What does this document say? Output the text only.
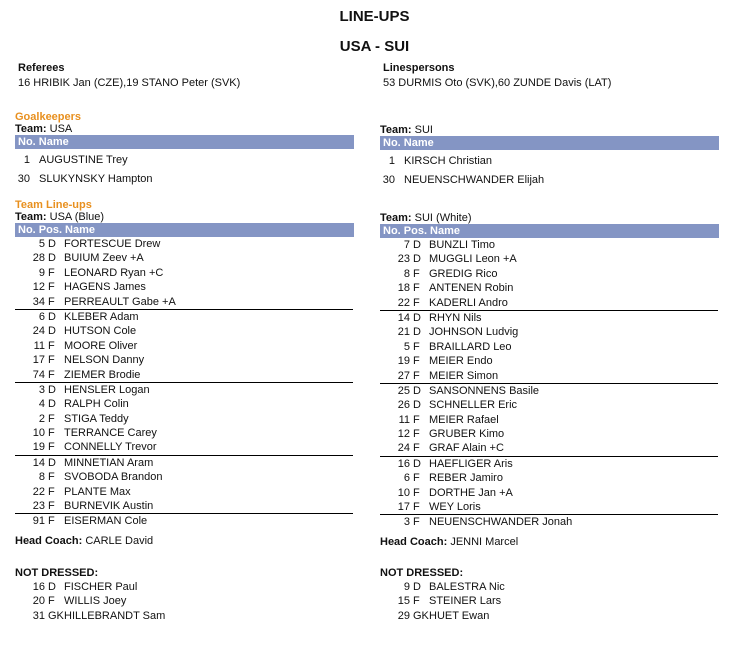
LINE-UPS
USA - SUI
Referees
16 HRIBIK Jan (CZE),19 STANO Peter (SVK)
Linespersons
53 DURMIS Oto (SVK),60 ZUNDE Davis (LAT)
Goalkeepers
Team: USA
No. Name
1 AUGUSTINE Trey
30 SLUKYNSKY Hampton
Team: SUI
No. Name
1 KIRSCH Christian
30 NEUENSCHWANDER Elijah
Team Line-ups
Team: USA (Blue)
No. Pos. Name
5 D FORTESCUE Drew
28 D BUIUM Zeev +A
9 F LEONARD Ryan +C
12 F HAGENS James
34 F PERREAULT Gabe +A
6 D KLEBER Adam
24 D HUTSON Cole
11 F MOORE Oliver
17 F NELSON Danny
74 F ZIEMER Brodie
3 D HENSLER Logan
4 D RALPH Colin
2 F STIGA Teddy
10 F TERRANCE Carey
19 F CONNELLY Trevor
14 D MINNETIAN Aram
8 F SVOBODA Brandon
22 F PLANTE Max
23 F BURNEVIK Austin
91 F EISERMAN Cole
Head Coach: CARLE David
Team: SUI (White)
No. Pos. Name
7 D BUNZLI Timo
23 D MUGGLI Leon +A
8 F GREDIG Rico
18 F ANTENEN Robin
22 F KADERLI Andro
14 D RHYN Nils
21 D JOHNSON Ludvig
5 F BRAILLARD Leo
19 F MEIER Endo
27 F MEIER Simon
25 D SANSONNENS Basile
26 D SCHNELLER Eric
11 F MEIER Rafael
12 F GRUBER Kimo
24 F GRAF Alain +C
16 D HAEFLIGER Aris
6 F REBER Jamiro
10 F DORTHE Jan +A
17 F WEY Loris
3 F NEUENSCHWANDER Jonah
Head Coach: JENNI Marcel
NOT DRESSED:
16 D FISCHER Paul
20 F WILLIS Joey
31 GK HILLEBRANDT Sam
NOT DRESSED:
9 D BALESTRA Nic
15 F STEINER Lars
29 GK HUET Ewan
